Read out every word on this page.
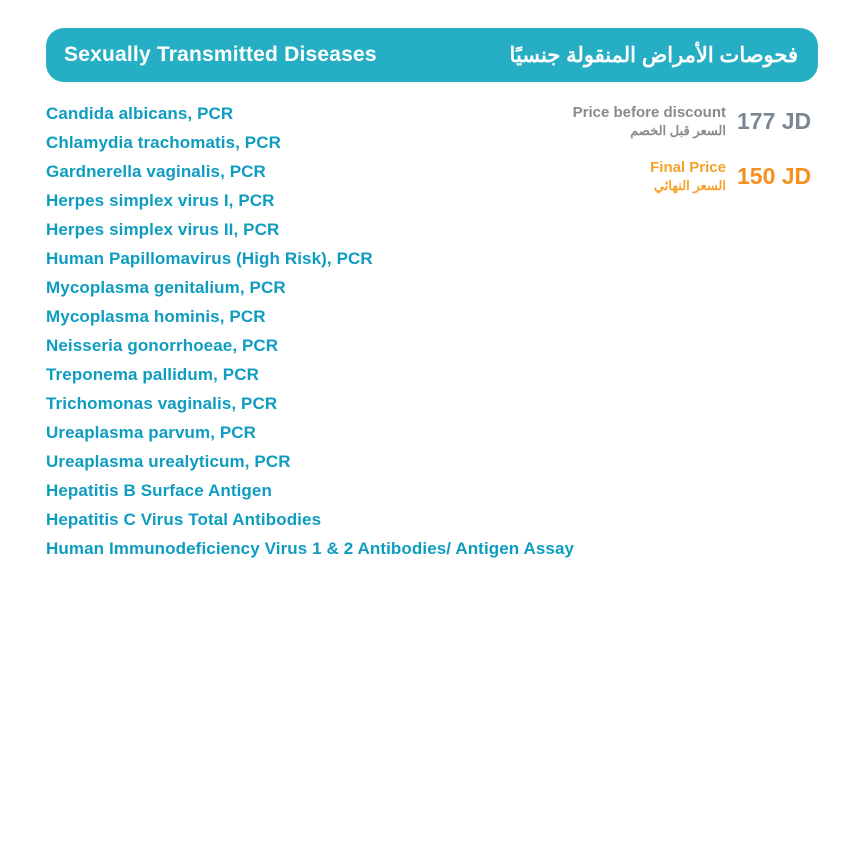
Sexually Transmitted Diseases	فحوصات الأمراض المنقولة جنسيًا
Candida albicans, PCR
Chlamydia trachomatis, PCR
Gardnerella vaginalis, PCR
Herpes simplex virus I, PCR
Herpes simplex virus II, PCR
Human Papillomavirus (High Risk), PCR
Mycoplasma genitalium, PCR
Mycoplasma hominis, PCR
Neisseria gonorrhoeae, PCR
Treponema pallidum, PCR
Trichomonas vaginalis, PCR
Ureaplasma parvum, PCR
Ureaplasma urealyticum, PCR
Hepatitis B Surface Antigen
Hepatitis C Virus Total Antibodies
Human Immunodeficiency Virus 1 & 2 Antibodies/ Antigen Assay
Price before discount
السعر قبل الخصم 177 JD
Final Price
السعر النهائي 150 JD
